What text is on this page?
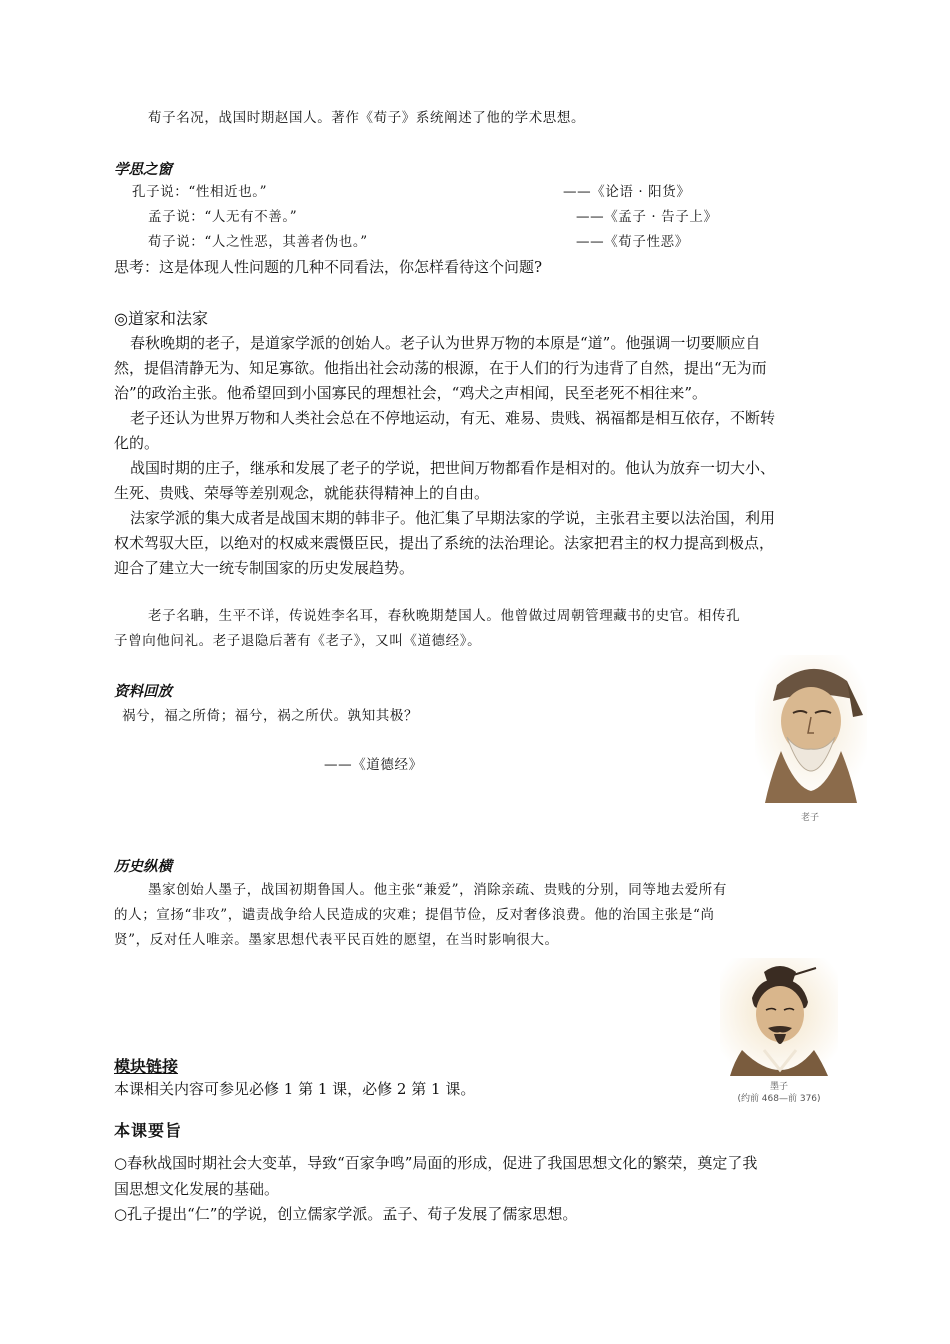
荀子名况，战国时期赵国人。著作《荀子》系统阐述了他的学术思想。
学思之窗
孔子说：“性相近也。”	——《论语 · 阳货》
孟子说：“人无有不善。”	——《孟子 · 告子上》
荀子说：“人之性恶，其善者伪也。”	——《荀子性恶》
思考：这是体现人性问题的几种不同看法，你怎样看待这个问题?
◎道家和法家
春秋晚期的老子，是道家学派的创始人。老子认为世界万物的本原是“道”。他强调一切要顺应自
然，提倡清静无为、知足寡欲。他指出社会动荡的根源，在于人们的行为违背了自然，提出“无为而
治”的政治主张。他希望回到小国寡民的理想社会，“鸡犬之声相闻，民至老死不相往来”。
老子还认为世界万物和人类社会总在不停地运动，有无、难易、贵贱、祸福都是相互依存，不断转
化的。
战国时期的庄子，继承和发展了老子的学说，把世间万物都看作是相对的。他认为放弃一切大小、
生死、贵贱、荣辱等差别观念，就能获得精神上的自由。
法家学派的集大成者是战国末期的韩非子。他汇集了早期法家的学说，主张君主要以法治国，利用
权术驾驭大臣，以绝对的权威来震慑臣民，提出了系统的法治理论。法家把君主的权力提高到极点，
迎合了建立大一统专制国家的历史发展趋势。
老子名聃，生平不详，传说姓李名耳，春秋晚期楚国人。他曾做过周朝管理藏书的史官。相传孔
子曾向他问礼。老子退隐后著有《老子》，又叫《道德经》。
资料回放
祸兮，福之所倚；福兮，祸之所伏。孰知其极？
——《道德经》
老子
历史纵横
墨家创始人墨子，战国初期鲁国人。他主张“兼爱”，消除亲疏、贵贱的分别，同等地去爱所有
的人；宣扬“非攻”，谴责战争给人民造成的灾难；提倡节俭，反对奢侈浪费。他的治国主张是“尚
贤”，反对任人唯亲。墨家思想代表平民百姓的愿望，在当时影响很大。
墨子
(约前 468—前 376)
模块链接
本课相关内容可参见必修 1 第 1 课，必修 2 第 1 课。
本课要旨
○春秋战国时期社会大变革，导致“百家争鸣”局面的形成，促进了我国思想文化的繁荣，奠定了我
国思想文化发展的基础。
○孔子提出“仁”的学说，创立儒家学派。孟子、荀子发展了儒家思想。
